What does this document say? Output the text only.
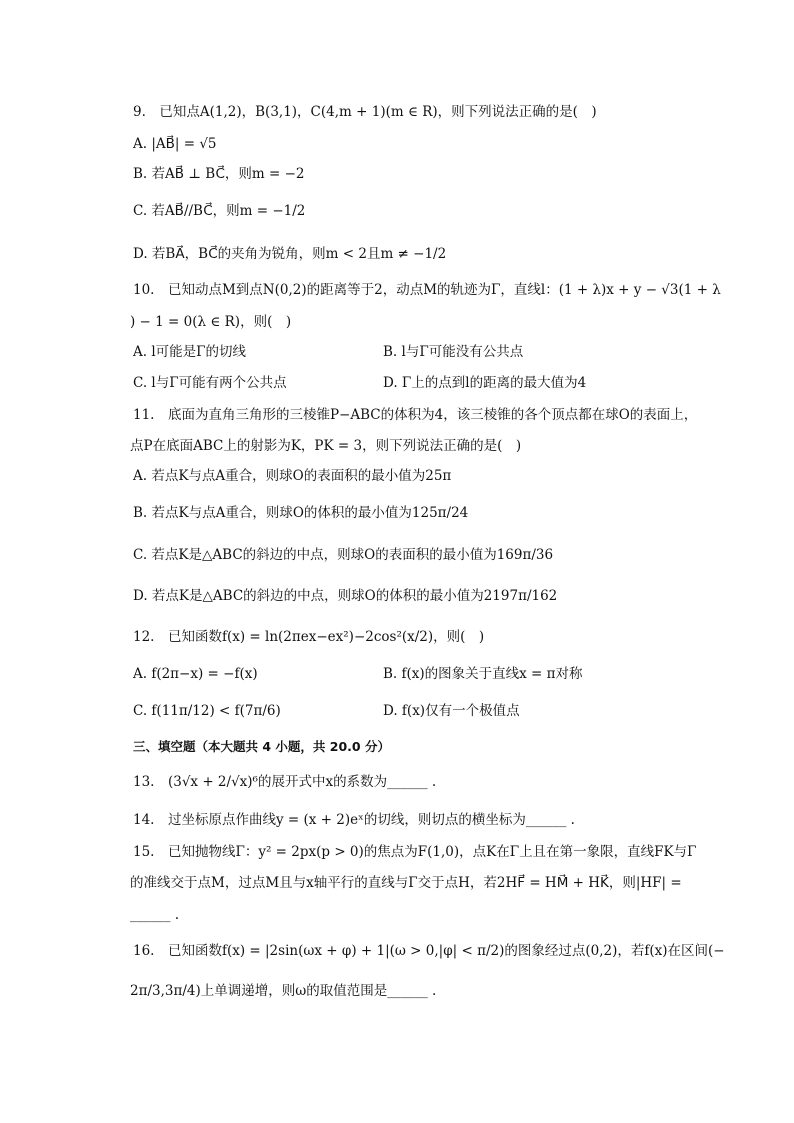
9.　已知点A(1,2)，B(3,1)，C(4,m + 1)(m ∈ R)，则下列说法正确的是(　)
A. |AB⃗| = √5
B. 若AB⃗ ⊥ BC⃗，则m = −2
C. 若AB⃗//BC⃗，则m = −1/2
D. 若BA⃗，BC⃗的夹角为锐角，则m < 2且m ≠ −1/2
10.　已知动点M到点N(0,2)的距离等于2，动点M的轨迹为Γ，直线l：(1 + λ)x + y − √3(1 + λ
) − 1 = 0(λ ∈ R)，则(　)
A. l可能是Γ的切线	B. l与Γ可能没有公共点
C. l与Γ可能有两个公共点	D. Γ上的点到l的距离的最大值为4
11.　底面为直角三角形的三棱锥P−ABC的体积为4，该三棱锥的各个顶点都在球O的表面上，
点P在底面ABC上的射影为K，PK = 3，则下列说法正确的是(　)
A. 若点K与点A重合，则球O的表面积的最小值为25π
B. 若点K与点A重合，则球O的体积的最小值为125π/24
C. 若点K是△ABC的斜边的中点，则球O的表面积的最小值为169π/36
D. 若点K是△ABC的斜边的中点，则球O的体积的最小值为2197π/162
12.　已知函数f(x) = ln(2πex−ex²)−2cos²(x/2)，则(　)
A. f(2π−x) = −f(x)	B. f(x)的图象关于直线x = π对称
C. f(11π/12) < f(7π/6)	D. f(x)仅有一个极值点
三、填空题（本大题共 4 小题，共 20.0 分）
13.　(3√x + 2/√x)⁶的展开式中x的系数为______ .
14.　过坐标原点作曲线y = (x + 2)eˣ的切线，则切点的横坐标为______ .
15.　已知抛物线Γ：y² = 2px(p > 0)的焦点为F(1,0)，点K在Γ上且在第一象限，直线FK与Γ
的准线交于点M，过点M且与x轴平行的直线与Γ交于点H，若2HF⃗ = HM⃗ + HK⃗，则|HF| =
______ .
16.　已知函数f(x) = |2sin(ωx + φ) + 1|(ω > 0,|φ| < π/2)的图象经过点(0,2)，若f(x)在区间(−
2π/3,3π/4)上单调递增，则ω的取值范围是______ .
